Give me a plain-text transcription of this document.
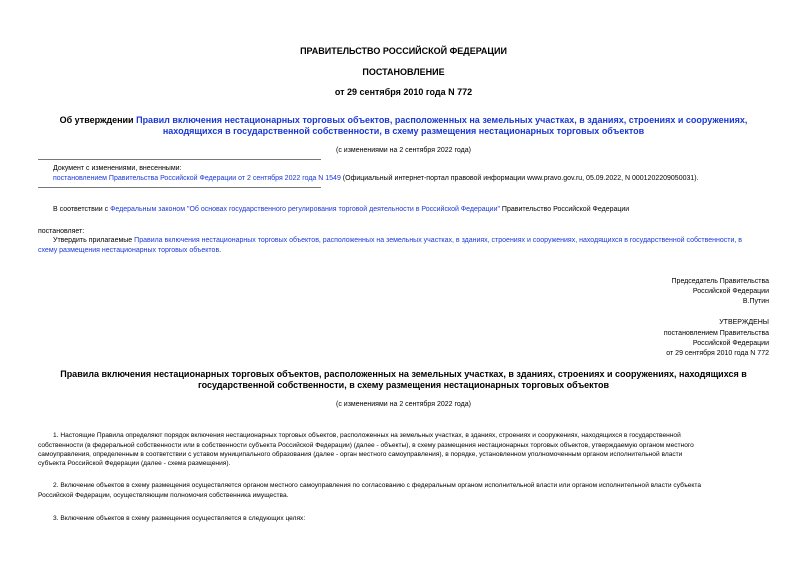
ПРАВИТЕЛЬСТВО РОССИЙСКОЙ ФЕДЕРАЦИИ
ПОСТАНОВЛЕНИЕ
от 29 сентября 2010 года N 772
Об утверждении Правил включения нестационарных торговых объектов, расположенных на земельных участках, в зданиях, строениях и сооружениях,
находящихся в государственной собственности, в схему размещения нестационарных торговых объектов
(с изменениями на 2 сентября 2022 года)
Документ с изменениями, внесенными:
постановлением Правительства Российской Федерации от 2 сентября 2022 года N 1549 (Официальный интернет-портал правовой информации www.pravo.gov.ru, 05.09.2022, N 0001202209050031).
В соответствии с Федеральным законом "Об основах государственного регулирования торговой деятельности в Российской Федерации" Правительство Российской Федерации
постановляет:
Утвердить прилагаемые Правила включения нестационарных торговых объектов, расположенных на земельных участках, в зданиях, строениях и сооружениях, находящихся в государственной собственности, в
схему размещения нестационарных торговых объектов.
Председатель Правительства
Российской Федерации
В.Путин
УТВЕРЖДЕНЫ
постановлением Правительства
Российской Федерации
от 29 сентября 2010 года N 772
Правила включения нестационарных торговых объектов, расположенных на земельных участках, в зданиях, строениях и сооружениях, находящихся в
государственной собственности, в схему размещения нестационарных торговых объектов
(с изменениями на 2 сентября 2022 года)
1. Настоящие Правила определяют порядок включения нестационарных торговых объектов, расположенных на земельных участках, в зданиях, строениях и сооружениях, находящихся в государственной
собственности (в федеральной собственности или в собственности субъекта Российской Федерации) (далее - объекты), в схему размещения нестационарных торговых объектов, утверждаемую органом местного
самоуправления, определенным в соответствии с уставом муниципального образования (далее - орган местного самоуправления), в порядке, установленном уполномоченным органом исполнительной власти
субъекта Российской Федерации (далее - схема размещения).
2. Включение объектов в схему размещения осуществляется органом местного самоуправления по согласованию с федеральным органом исполнительной власти или органом исполнительной власти субъекта
Российской Федерации, осуществляющим полномочия собственника имущества.
3. Включение объектов в схему размещения осуществляется в следующих целях:
